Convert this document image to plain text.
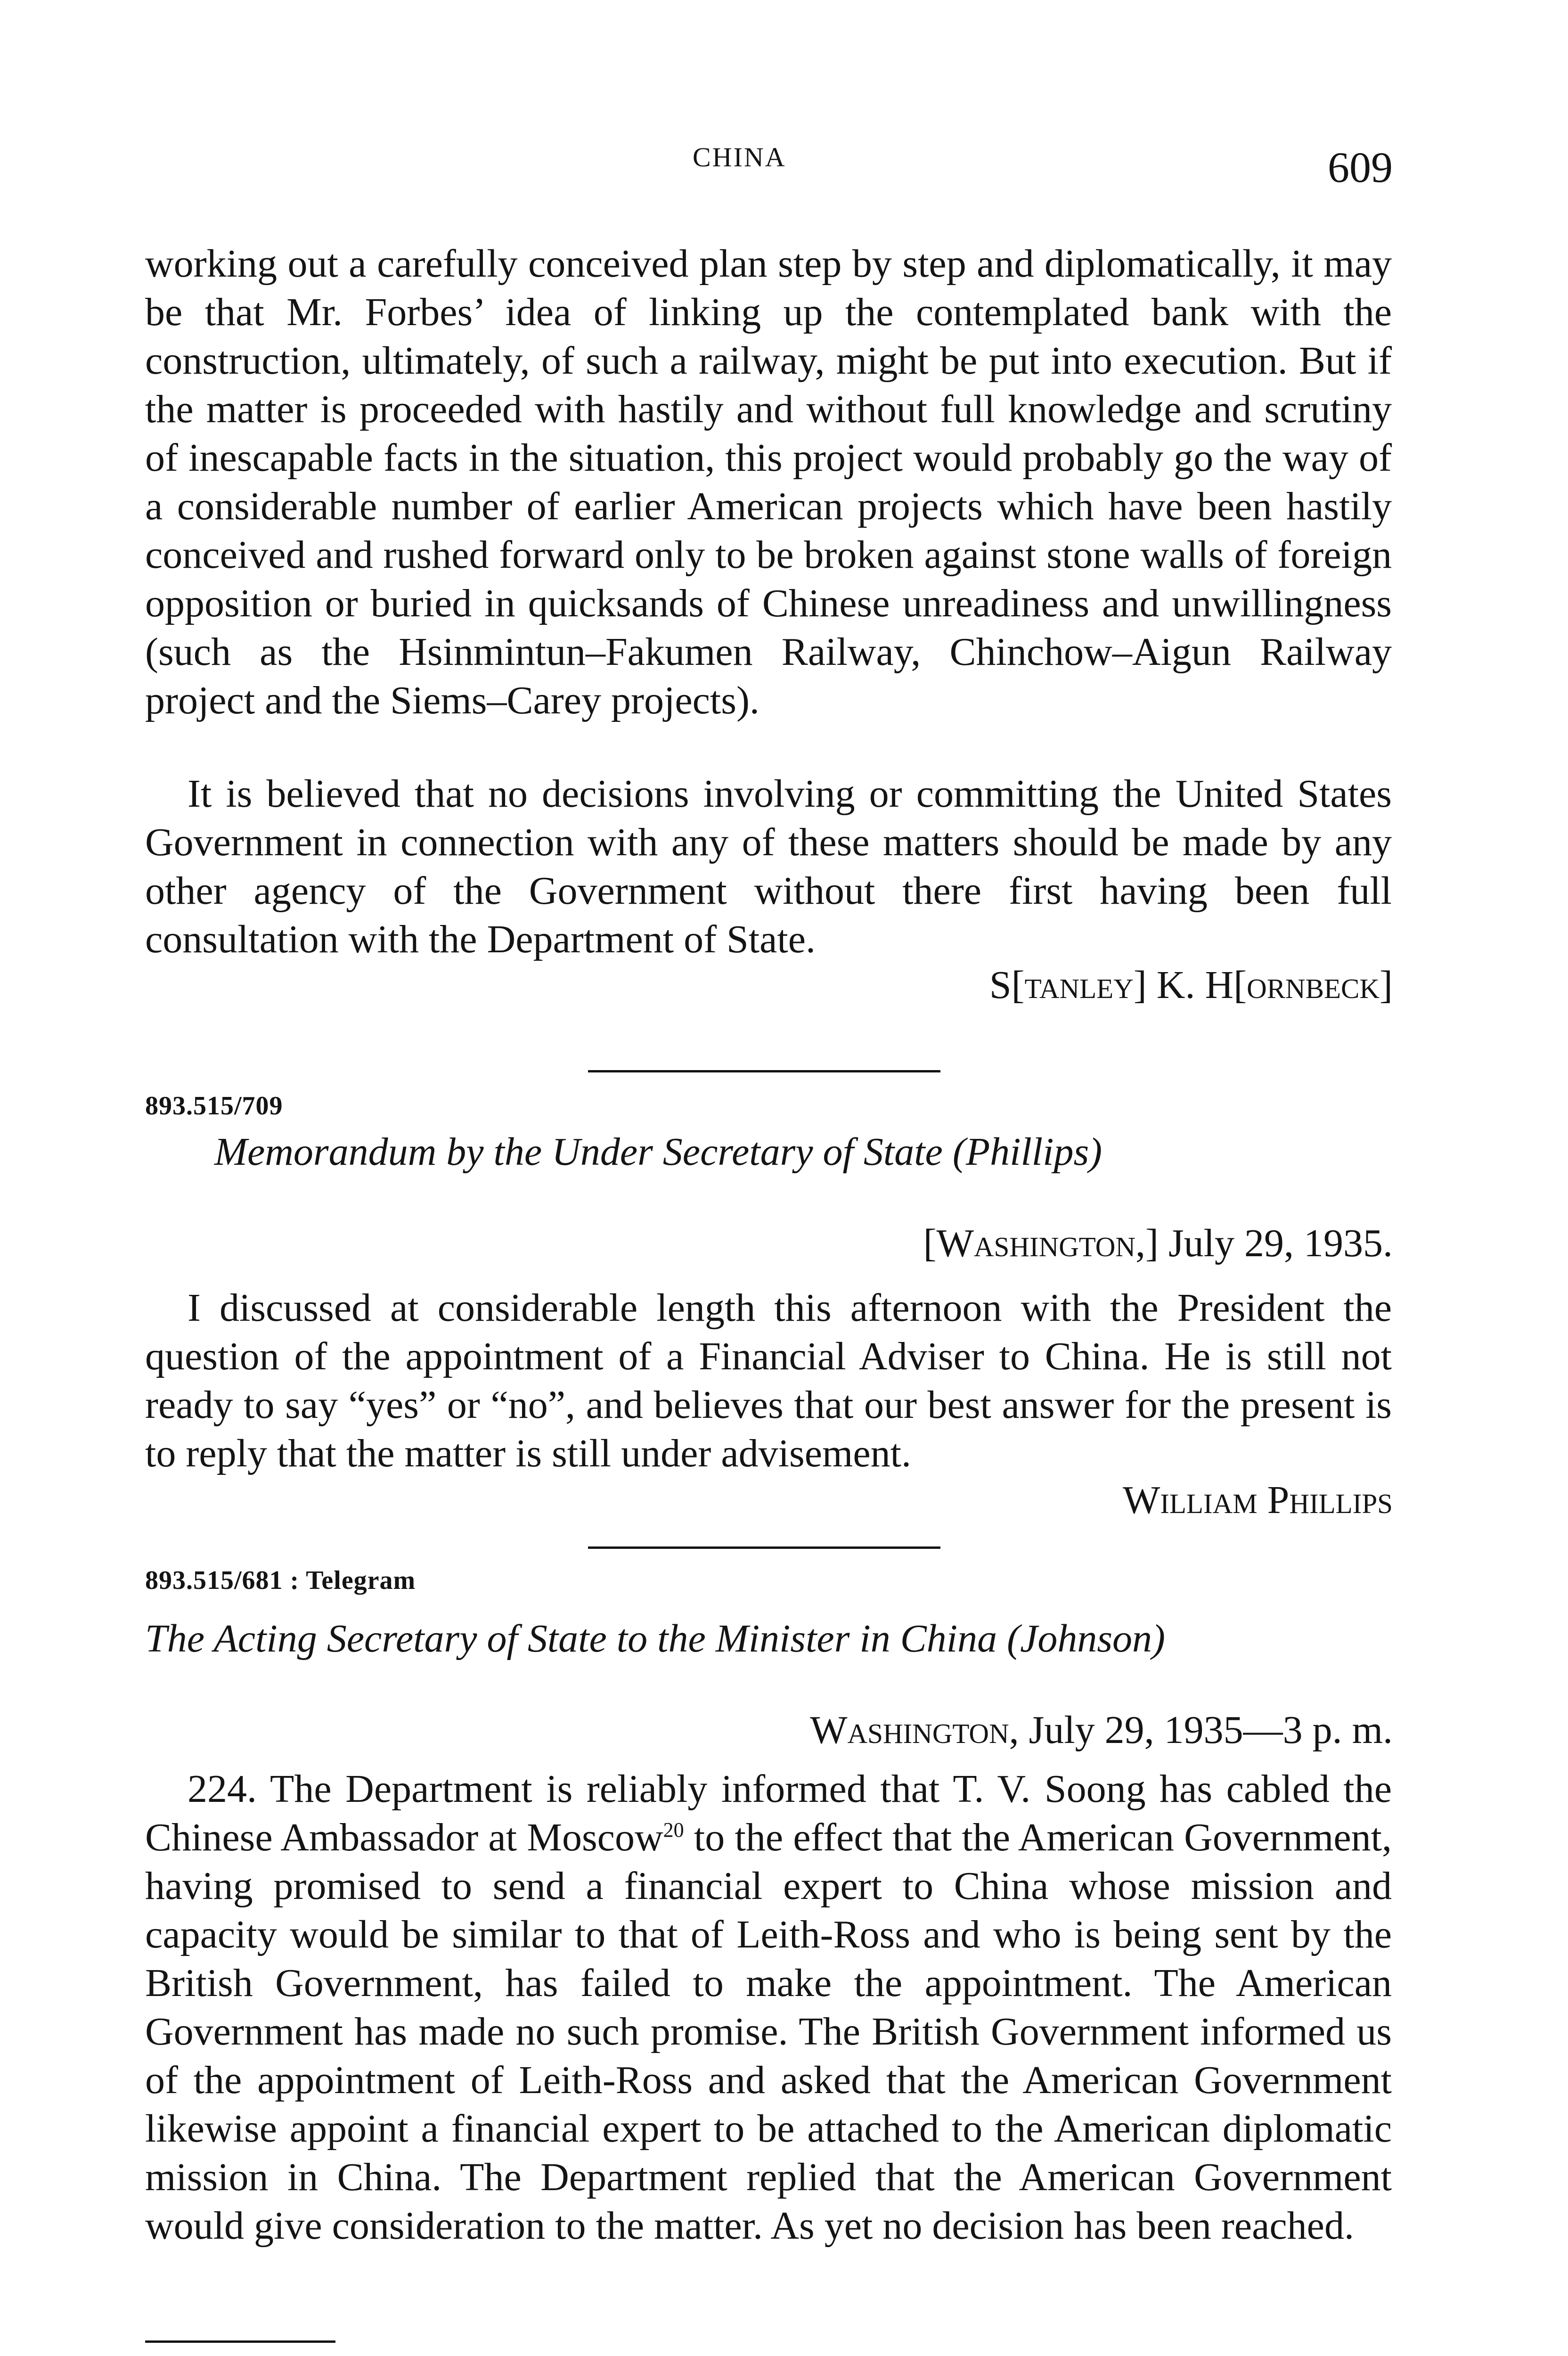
CHINA	609

working out a carefully conceived plan step by step and diplomatically, it may be that Mr. Forbes’ idea of linking up the contemplated bank with the construction, ultimately, of such a railway, might be put into execution. But if the matter is proceeded with hastily and without full knowledge and scrutiny of inescapable facts in the situation, this project would probably go the way of a considerable number of earlier American projects which have been hastily conceived and rushed forward only to be broken against stone walls of foreign opposition or buried in quicksands of Chinese unreadiness and unwillingness (such as the Hsinmintun–Fakumen Railway, Chinchow–Aigun Railway project and the Siems–Carey projects).

It is believed that no decisions involving or committing the United States Government in connection with any of these matters should be made by any other agency of the Government without there first having been full consultation with the Department of State.

S[tanley] K. H[ornbeck]
893.515/709
Memorandum by the Under Secretary of State (Phillips)
[Washington,] July 29, 1935.

I discussed at considerable length this afternoon with the President the question of the appointment of a Financial Adviser to China. He is still not ready to say “yes” or “no”, and believes that our best answer for the present is to reply that the matter is still under advisement.

William Phillips
893.515/681 : Telegram
The Acting Secretary of State to the Minister in China (Johnson)
Washington, July 29, 1935—3 p. m.

224. The Department is reliably informed that T. V. Soong has cabled the Chinese Ambassador at Moscow$^{20}$ to the effect that the American Government, having promised to send a financial expert to China whose mission and capacity would be similar to that of Leith-Ross and who is being sent by the British Government, has failed to make the appointment. The American Government has made no such promise. The British Government informed us of the appointment of Leith-Ross and asked that the American Government likewise appoint a financial expert to be attached to the American diplomatic mission in China. The Department replied that the American Government would give consideration to the matter. As yet no decision has been reached.
